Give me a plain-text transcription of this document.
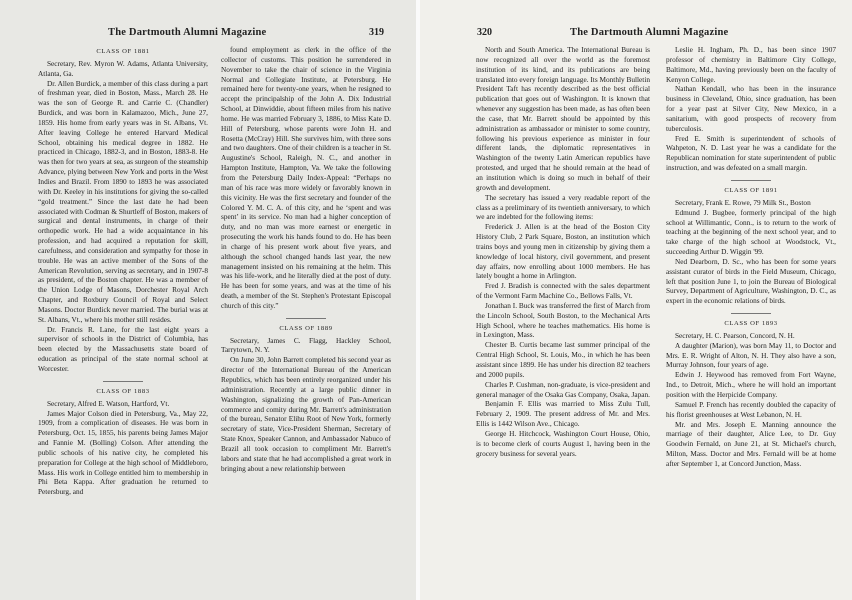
The Dartmouth Alumni Magazine	319
CLASS OF 1881

Secretary, Rev. Myron W. Adams, Atlanta University, Atlanta, Ga.

Dr. Allen Burdick, a member of this class during a part of freshman year, died in Boston, Mass., March 28. He was the son of George R. and Carrie C. (Chandler) Burdick, and was born in Kalamazoo, Mich., June 27, 1859. His home from early years was in St. Albans, Vt. After leaving College he entered Harvard Medical School, obtaining his medical degree in 1882. He practiced in Chicago, 1882-3, and in Boston, 1883-8. He was then for two years at sea, as surgeon of the steamship Advance, plying between New York and ports in the West Indies and Brazil. From 1890 to 1893 he was associated with Dr. Keeley in his institutions for giving the so-called “gold treatment.” Since the last date he had been associated with Codman & Shurtleff of Boston, makers of surgical and dental instruments, in charge of their orthopedic work. He had a wide acquaintance in his profession, and had acquired a reputation for skill, carefulness, and consideration and sympathy for those in trouble. He was an active member of the Sons of the American Revolution, serving as secretary, and in 1907-8 as president, of the Boston chapter. He was a member of the Union Lodge of Masons, Dorchester Royal Arch Chapter, and Roxbury Council of Royal and Select Masons. Doctor Burdick never married. The burial was at St. Albans, Vt., where his mother still resides.

Dr. Francis R. Lane, for the last eight years a supervisor of schools in the District of Columbia, has been elected by the Massachusetts state board of education as principal of the state normal school at Worcester.

CLASS OF 1883

Secretary, Alfred E. Watson, Hartford, Vt.

James Major Colson died in Petersburg, Va., May 22, 1909, from a complication of diseases. He was born in Petersburg, Oct. 15, 1855, his parents being James Major and Fannie M. (Bolling) Colson. After attending the public schools of his native city, he completed his preparation for College at the high school of Middleboro, Mass. His work in College entitled him to membership in Phi Beta Kappa. After graduation he returned to Petersburg, and

found employment as clerk in the office of the collector of customs. This position he surrendered in November to take the chair of science in the Virginia Normal and Collegiate Institute, at Petersburg. He remained here for twenty-one years, when he resigned to accept the principalship of the John A. Dix Industrial School, at Dinwiddie, about fifteen miles from his native home. He was married February 3, 1886, to Miss Kate D. Hill of Petersburg, whose parents were John H. and Rosetta (McCray) Hill. She survives him, with three sons and two daughters. One of their children is a teacher in St. Augustine's School, Raleigh, N. C., and another in Hampton Institute, Hampton, Va. We take the following from the Petersburg Daily Index-Appeal: “Perhaps no man of his race was more widely or favorably known in this vicinity. He was the first secretary and founder of the Colored Y. M. C. A. of this city, and he ‘spent and was spent’ in its service. No man had a higher conception of duty, and no man was more earnest or energetic in prosecuting the work his hands found to do. He has been in charge of his present work about five years, and although the school changed hands last year, the new management insisted on his remaining at the helm. This was his life-work, and he literally died at the post of duty. He has been for some years, and was at the time of his death, a member of the St. Stephen's Protestant Episcopal church of this city.”

CLASS OF 1889

Secretary, James C. Flagg, Hackley School, Tarrytown, N. Y.

On June 30, John Barrett completed his second year as director of the International Bureau of the American Republics, which has been entirely reorganized under his administration. Recently at a large public dinner in Washington, signalizing the growth of Pan-American commerce and comity during Mr. Barrett's administration of the bureau, Senator Elihu Root of New York, formerly secretary of state, Vice-President Sherman, Secretary of State Knox, Speaker Cannon, and Ambassador Nabuco of Brazil all took occasion to compliment Mr. Barrett's labors and state that he had accomplished a great work in bringing about a new relationship between

320	The Dartmouth Alumni Magazine

North and South America. The International Bureau is now recognized all over the world as the foremost institution of its kind, and its publications are being translated into every foreign language. Its Monthly Bulletin President Taft has recently described as the best official publication that goes out of Washington. It is known that whenever any suggestion has been made, as has often been the case, that Mr. Barrett should be appointed by this administration as ambassador or minister to some country, following his previous experience as minister in four different lands, the diplomatic representatives in Washington of the twenty Latin American republics have protested, and urged that he should remain at the head of an institution which is doing so much in behalf of their growth and development.

The secretary has issued a very readable report of the class as a preliminary of its twentieth anniversary, to which we are indebted for the following items:

Frederick J. Allen is at the head of the Boston City History Club, 2 Park Square, Boston, an institution which trains boys and young men in citizenship by giving them a knowledge of local history, civil government, and present day affairs, now enrolling about 1000 members. He has lately bought a home in Arlington.

Fred J. Bradish is connected with the sales department of the Vermont Farm Machine Co., Bellows Falls, Vt.

Jonathan I. Buck was transferred the first of March from the Lincoln School, South Boston, to the Mechanical Arts High School, where he teaches mathematics. His home is in Lexington, Mass.

Chester B. Curtis became last summer principal of the Central High School, St. Louis, Mo., in which he has been assistant since 1899. He has under his direction 82 teachers and 2000 pupils.

Charles P. Cushman, non-graduate, is vice-president and general manager of the Osaka Gas Company, Osaka, Japan.

Benjamin F. Ellis was married to Miss Zulu Tull, February 2, 1909. The present address of Mr. and Mrs. Ellis is 1442 Wilson Ave., Chicago.

George H. Hitchcock, Washington Court House, Ohio, is to become clerk of courts August 1, having been in the grocery business for several years.

Leslie H. Ingham, Ph. D., has been since 1907 professor of chemistry in Baltimore City College, Baltimore, Md., having previously been on the faculty of Kenyon College.

Nathan Kendall, who has been in the insurance business in Cleveland, Ohio, since graduation, has been for a year past at Silver City, New Mexico, in a sanitarium, with good prospects of recovery from tuberculosis.

Fred E. Smith is superintendent of schools of Wahpeton, N. D. Last year he was a candidate for the Republican nomination for state superintendent of public instruction, and was defeated on a small margin.

CLASS OF 1891

Secretary, Frank E. Rowe, 79 Milk St., Boston

Edmund J. Bugbee, formerly principal of the high school at Willimantic, Conn., is to return to the work of teaching at the beginning of the next school year, and to take charge of the high school at Woodstock, Vt., succeeding Arthur D. Wiggin '99.

Ned Dearborn, D. Sc., who has been for some years assistant curator of birds in the Field Museum, Chicago, left that position June 1, to join the Bureau of Biological Survey, Department of Agriculture, Washington, D. C., as expert in the economic relations of birds.

CLASS OF 1893

Secretary, H. C. Pearson, Concord, N. H.

A daughter (Marion), was born May 11, to Doctor and Mrs. E. R. Wright of Alton, N. H. They also have a son, Murray Johnson, four years of age.

Edwin J. Heywood has removed from Fort Wayne, Ind., to Detroit, Mich., where he will hold an important position with the Herpicide Company.

Samuel P. French has recently doubled the capacity of his florist greenhouses at West Lebanon, N. H.

Mr. and Mrs. Joseph E. Manning announce the marriage of their daughter, Alice Lee, to Dr. Guy Goodwin Fernald, on June 21, at St. Michael's church, Milton, Mass. Doctor and Mrs. Fernald will be at home after September 1, at Concord Junction, Mass.
